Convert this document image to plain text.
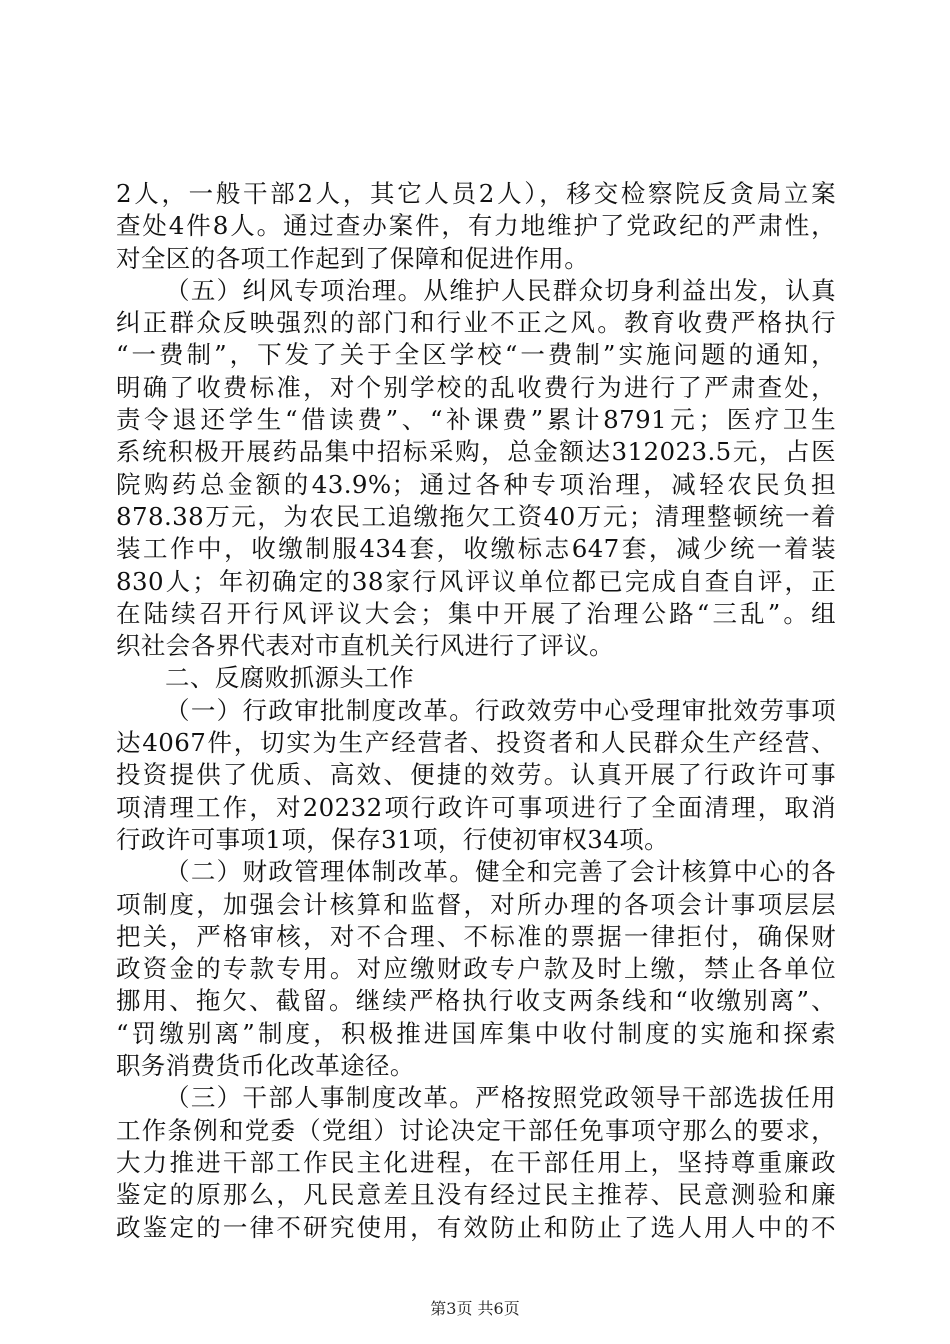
2人，一般干部2人，其它人员2人），移交检察院反贪局立案
查处4件8人。通过查办案件，有力地维护了党政纪的严肃性，
对全区的各项工作起到了保障和促进作用。
（五）纠风专项治理。从维护人民群众切身利益出发，认真
纠正群众反映强烈的部门和行业不正之风。教育收费严格执行
“一费制”，下发了关于全区学校“一费制”实施问题的通知，
明确了收费标准，对个别学校的乱收费行为进行了严肃查处，
责令退还学生“借读费”、“补课费”累计8791元；医疗卫生
系统积极开展药品集中招标采购，总金额达312023.5元，占医
院购药总金额的43.9%；通过各种专项治理，减轻农民负担
878.38万元，为农民工追缴拖欠工资40万元；清理整顿统一着
装工作中，收缴制服434套，收缴标志647套，减少统一着装
830人；年初确定的38家行风评议单位都已完成自查自评，正
在陆续召开行风评议大会；集中开展了治理公路“三乱”。组
织社会各界代表对市直机关行风进行了评议。
二、反腐败抓源头工作
（一）行政审批制度改革。行政效劳中心受理审批效劳事项
达4067件，切实为生产经营者、投资者和人民群众生产经营、
投资提供了优质、高效、便捷的效劳。认真开展了行政许可事
项清理工作，对20232项行政许可事项进行了全面清理，取消
行政许可事项1项，保存31项，行使初审权34项。
（二）财政管理体制改革。健全和完善了会计核算中心的各
项制度，加强会计核算和监督，对所办理的各项会计事项层层
把关，严格审核，对不合理、不标准的票据一律拒付，确保财
政资金的专款专用。对应缴财政专户款及时上缴，禁止各单位
挪用、拖欠、截留。继续严格执行收支两条线和“收缴别离”、
“罚缴别离”制度，积极推进国库集中收付制度的实施和探索
职务消费货币化改革途径。
（三）干部人事制度改革。严格按照党政领导干部选拔任用
工作条例和党委（党组）讨论决定干部任免事项守那么的要求，
大力推进干部工作民主化进程，在干部任用上，坚持尊重廉政
鉴定的原那么，凡民意差且没有经过民主推荐、民意测验和廉
政鉴定的一律不研究使用，有效防止和防止了选人用人中的不
第3页 共6页
